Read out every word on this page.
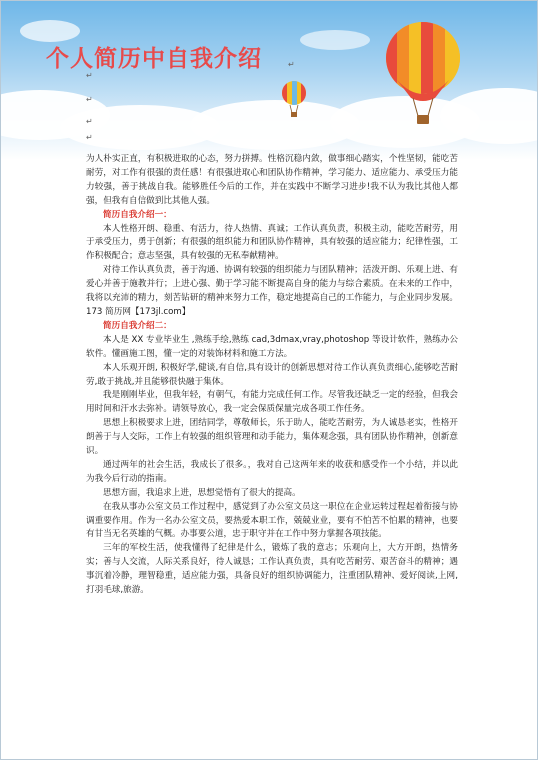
个人简历中自我介绍	↵
↵
↵
↵
↵

为人朴实正直，有积极进取的心态，努力拼搏。性格沉稳内敛，做事细心踏实，个性坚韧，能吃苦耐劳，对工作有很强的责任感！有很强进取心和团队协作精神，学习能力、适应能力、承受压力能力较强，善于挑战自我。能够胜任今后的工作，并在实践中不断学习进步!我不认为我比其他人都强，但我有自信做到比其他人强。

简历自我介绍一：

本人性格开朗、稳重、有活力，待人热情、真诚；工作认真负责，积极主动，能吃苦耐劳，用于承受压力，勇于创新；有很强的组织能力和团队协作精神，具有较强的适应能力；纪律性强，工作积极配合；意志坚强，具有较强的无私奉献精神。

对待工作认真负责，善于沟通、协调有较强的组织能力与团队精神；活泼开朗、乐观上进、有爱心并善于施教并行；上进心强、勤于学习能不断提高自身的能力与综合素质。在未来的工作中，我将以充沛的精力，刻苦钻研的精神来努力工作，稳定地提高自己的工作能力，与企业同步发展。173 简历网【173jl.com】

简历自我介绍二：

本人是 XX 专业毕业生 ,熟练手绘,熟练 cad,3dmax,vray,photoshop 等设计软件，熟练办公软件。懂画施工图，懂一定的对装饰材料和施工方法。

本人乐观开朗, 积极好学,健谈,有自信,具有设计的创新思想对待工作认真负责细心,能够吃苦耐劳,敢于挑战,并且能够很快融于集体。

我是刚刚毕业，但我年轻，有朝气，有能力完成任何工作。尽管我还缺乏一定的经验，但我会用时间和汗水去弥补。请领导放心，我一定会保质保量完成各项工作任务。

思想上积极要求上进，团结同学，尊敬师长，乐于助人，能吃苦耐劳，为人诚恳老实，性格开朗善于与人交际，工作上有较强的组织管理和动手能力，集体观念强，具有团队协作精神，创新意识。

通过两年的社会生活，我成长了很多。，我对自己这两年来的收获和感受作一个小结，并以此为我今后行动的指南。

思想方面，我追求上进，思想觉悟有了很大的提高。

在我从事办公室文员工作过程中，感觉到了办公室文员这一职位在企业运转过程起着衔接与协调重要作用。作为一名办公室文员，要热爱本职工作，兢兢业业，要有不怕苦不怕累的精神，也要有甘当无名英雄的气概。办事要公道，忠于职守并在工作中努力掌握各项技能。

三年的军校生活，使我懂得了纪律是什么，锻炼了我的意志；乐观向上，大方开朗，热情务实；善与人交流，人际关系良好，待人诚恳；工作认真负责，具有吃苦耐劳、艰苦奋斗的精神；遇事沉着冷静，理智稳重，适应能力强，具备良好的组织协调能力，注重团队精神、爱好阅读,上网,打羽毛球,旅游。
